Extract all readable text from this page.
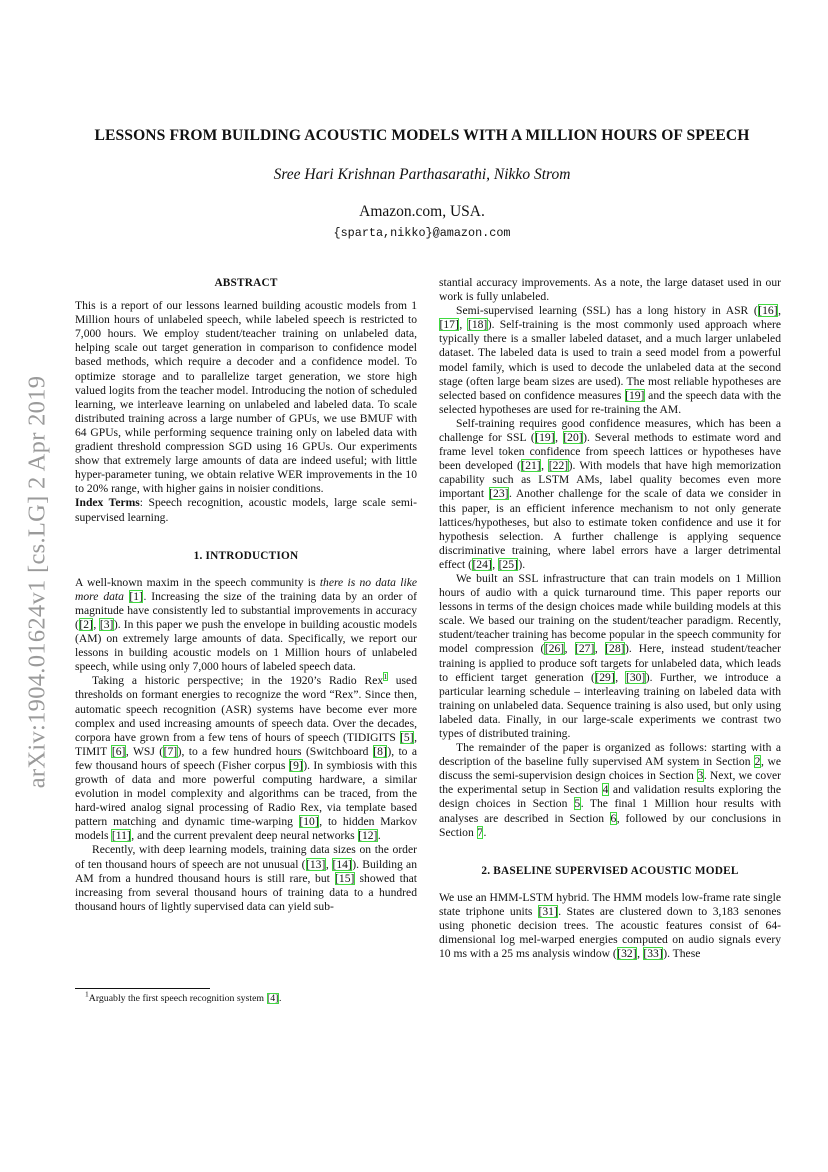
arXiv:1904.01624v1 [cs.LG] 2 Apr 2019
LESSONS FROM BUILDING ACOUSTIC MODELS WITH A MILLION HOURS OF SPEECH
Sree Hari Krishnan Parthasarathi, Nikko Strom
Amazon.com, USA.
{sparta,nikko}@amazon.com
ABSTRACT

This is a report of our lessons learned building acoustic models from 1 Million hours of unlabeled speech, while labeled speech is restricted to 7,000 hours. We employ student/teacher training on unlabeled data, helping scale out target generation in comparison to confidence model based methods, which require a decoder and a confidence model. To optimize storage and to parallelize target generation, we store high valued logits from the teacher model. Introducing the notion of scheduled learning, we interleave learning on unlabeled and labeled data. To scale distributed training across a large number of GPUs, we use BMUF with 64 GPUs, while performing sequence training only on labeled data with gradient threshold compression SGD using 16 GPUs. Our experiments show that extremely large amounts of data are indeed useful; with little hyper-parameter tuning, we obtain relative WER improvements in the 10 to 20% range, with higher gains in noisier conditions.

Index Terms: Speech recognition, acoustic models, large scale semi-supervised learning.

1. INTRODUCTION

A well-known maxim in the speech community is there is no data like more data [1]. Increasing the size of the training data by an order of magnitude have consistently led to substantial improvements in accuracy ([2], [3]). In this paper we push the envelope in building acoustic models (AM) on extremely large amounts of data. Specifically, we report our lessons in building acoustic models on 1 Million hours of unlabeled speech, while using only 7,000 hours of labeled speech data.

Taking a historic perspective; in the 1920’s Radio Rex$^1$ used thresholds on formant energies to recognize the word “Rex”. Since then, automatic speech recognition (ASR) systems have become ever more complex and used increasing amounts of speech data. Over the decades, corpora have grown from a few tens of hours of speech (TIDIGITS [5], TIMIT [6], WSJ ([7]), to a few hundred hours (Switchboard [8]), to a few thousand hours of speech (Fisher corpus [9]). In symbiosis with this growth of data and more powerful computing hardware, a similar evolution in model complexity and algorithms can be traced, from the hard-wired analog signal processing of Radio Rex, via template based pattern matching and dynamic time-warping [10], to hidden Markov models [11], and the current prevalent deep neural networks [12].

Recently, with deep learning models, training data sizes on the order of ten thousand hours of speech are not unusual ([13], [14]). Building an AM from a hundred thousand hours is still rare, but [15] showed that increasing from several thousand hours of training data to a hundred thousand hours of lightly supervised data can yield sub-

$^1$Arguably the first speech recognition system [4].

stantial accuracy improvements. As a note, the large dataset used in our work is fully unlabeled.

Semi-supervised learning (SSL) has a long history in ASR ([16], [17], [18]). Self-training is the most commonly used approach where typically there is a smaller labeled dataset, and a much larger unlabeled dataset. The labeled data is used to train a seed model from a powerful model family, which is used to decode the unlabeled data at the second stage (often large beam sizes are used). The most reliable hypotheses are selected based on confidence measures [19] and the speech data with the selected hypotheses are used for re-training the AM.

Self-training requires good confidence measures, which has been a challenge for SSL ([19], [20]). Several methods to estimate word and frame level token confidence from speech lattices or hypotheses have been developed ([21], [22]). With models that have high memorization capability such as LSTM AMs, label quality becomes even more important [23]. Another challenge for the scale of data we consider in this paper, is an efficient inference mechanism to not only generate lattices/hypotheses, but also to estimate token confidence and use it for hypothesis selection. A further challenge is applying sequence discriminative training, where label errors have a larger detrimental effect ([24], [25]).

We built an SSL infrastructure that can train models on 1 Million hours of audio with a quick turnaround time. This paper reports our lessons in terms of the design choices made while building models at this scale. We based our training on the student/teacher paradigm. Recently, student/teacher training has become popular in the speech community for model compression ([26], [27], [28]). Here, instead student/teacher training is applied to produce soft targets for unlabeled data, which leads to efficient target generation ([29], [30]). Further, we introduce a particular learning schedule – interleaving training on labeled data with training on unlabeled data. Sequence training is also used, but only using labeled data. Finally, in our large-scale experiments we contrast two types of distributed training.

The remainder of the paper is organized as follows: starting with a description of the baseline fully supervised AM system in Section 2, we discuss the semi-supervision design choices in Section 3. Next, we cover the experimental setup in Section 4 and validation results exploring the design choices in Section 5. The final 1 Million hour results with analyses are described in Section 6, followed by our conclusions in Section 7.

2. BASELINE SUPERVISED ACOUSTIC MODEL

We use an HMM-LSTM hybrid. The HMM models low-frame rate single state triphone units [31]. States are clustered down to 3,183 senones using phonetic decision trees. The acoustic features consist of 64-dimensional log mel-warped energies computed on audio signals every 10 ms with a 25 ms analysis window ([32], [33]). These
